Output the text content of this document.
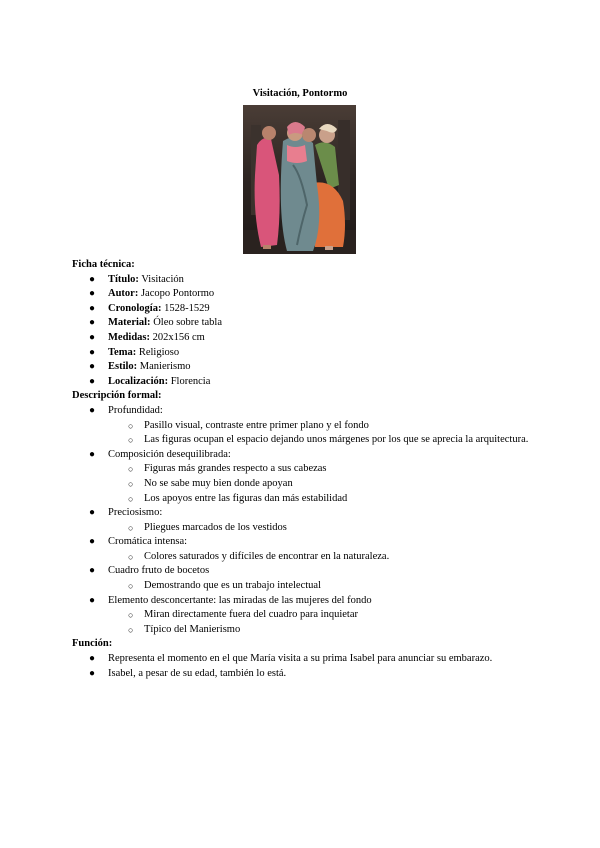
Visitación, Pontormo

Ficha técnica:

● Título: Visitación
● Autor: Jacopo Pontormo
● Cronología: 1528-1529
● Material: Óleo sobre tabla
● Medidas: 202x156 cm
● Tema: Religioso
● Estilo: Manierismo
● Localización: Florencia

Descripción formal:

● Profundidad:
○ Pasillo visual, contraste entre primer plano y el fondo
○ Las figuras ocupan el espacio dejando unos márgenes por los que se aprecia la arquitectura.
● Composición desequilibrada:
○ Figuras más grandes respecto a sus cabezas
○ No se sabe muy bien donde apoyan
○ Los apoyos entre las figuras dan más estabilidad
● Preciosismo:
○ Pliegues marcados de los vestidos
● Cromática intensa:
○ Colores saturados y difíciles de encontrar en la naturaleza.
● Cuadro fruto de bocetos
○ Demostrando que es un trabajo intelectual
● Elemento desconcertante: las miradas de las mujeres del fondo
○ Miran directamente fuera del cuadro para inquietar
○ Típico del Manierismo

Función:

● Representa el momento en el que María visita a su prima Isabel para anunciar su embarazo.
● Isabel, a pesar de su edad, también lo está.
